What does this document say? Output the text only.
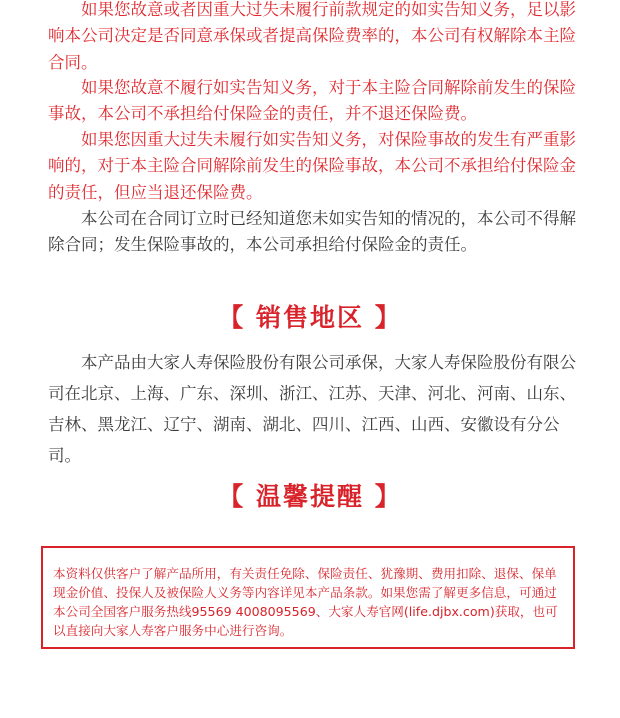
如果您故意或者因重大过失未履行前款规定的如实告知义务，足以影响本公司决定是否同意承保或者提高保险费率的，本公司有权解除本主险合同。

如果您故意不履行如实告知义务，对于本主险合同解除前发生的保险事故，本公司不承担给付保险金的责任，并不退还保险费。

如果您因重大过失未履行如实告知义务，对保险事故的发生有严重影响的，对于本主险合同解除前发生的保险事故，本公司不承担给付保险金的责任，但应当退还保险费。

本公司在合同订立时已经知道您未如实告知的情况的，本公司不得解除合同；发生保险事故的，本公司承担给付保险金的责任。

【 销售地区 】

本产品由大家人寿保险股份有限公司承保，大家人寿保险股份有限公司在北京、上海、广东、深圳、浙江、江苏、天津、河北、河南、山东、吉林、黑龙江、辽宁、湖南、湖北、四川、江西、山西、安徽设有分公司。

【 温馨提醒 】

本资料仅供客户了解产品所用，有关责任免除、保险责任、犹豫期、费用扣除、退保、保单现金价值、投保人及被保险人义务等内容详见本产品条款。如果您需了解更多信息，可通过本公司全国客户服务热线95569 4008095569、大家人寿官网(life.djbx.com)获取，也可以直接向大家人寿客户服务中心进行咨询。
